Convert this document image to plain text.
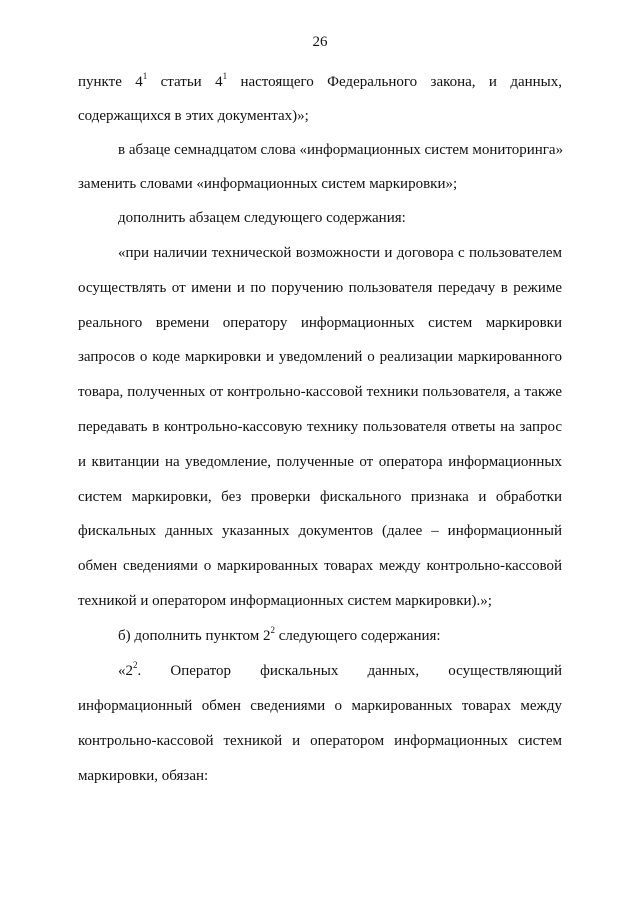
26
пункте $4^1$ статьи $4^1$ настоящего Федерального закона, и данных,
содержащихся в этих документах)»;
в абзаце семнадцатом слова «информационных систем мониторинга»
заменить словами «информационных систем маркировки»;
дополнить абзацем следующего содержания:
«при наличии технической возможности и договора с пользователем
осуществлять от имени и по поручению пользователя передачу в режиме
реального времени оператору информационных систем маркировки
запросов о коде маркировки и уведомлений о реализации маркированного
товара, полученных от контрольно-кассовой техники пользователя, а также
передавать в контрольно-кассовую технику пользователя ответы на запрос
и квитанции на уведомление, полученные от оператора информационных
систем маркировки, без проверки фискального признака и обработки
фискальных данных указанных документов (далее – информационный
обмен сведениями о маркированных товарах между контрольно-кассовой
техникой и оператором информационных систем маркировки).»;
б) дополнить пунктом $2^2$ следующего содержания:
«$2^2$. Оператор фискальных данных, осуществляющий
информационный обмен сведениями о маркированных товарах между
контрольно-кассовой техникой и оператором информационных систем
маркировки, обязан:
